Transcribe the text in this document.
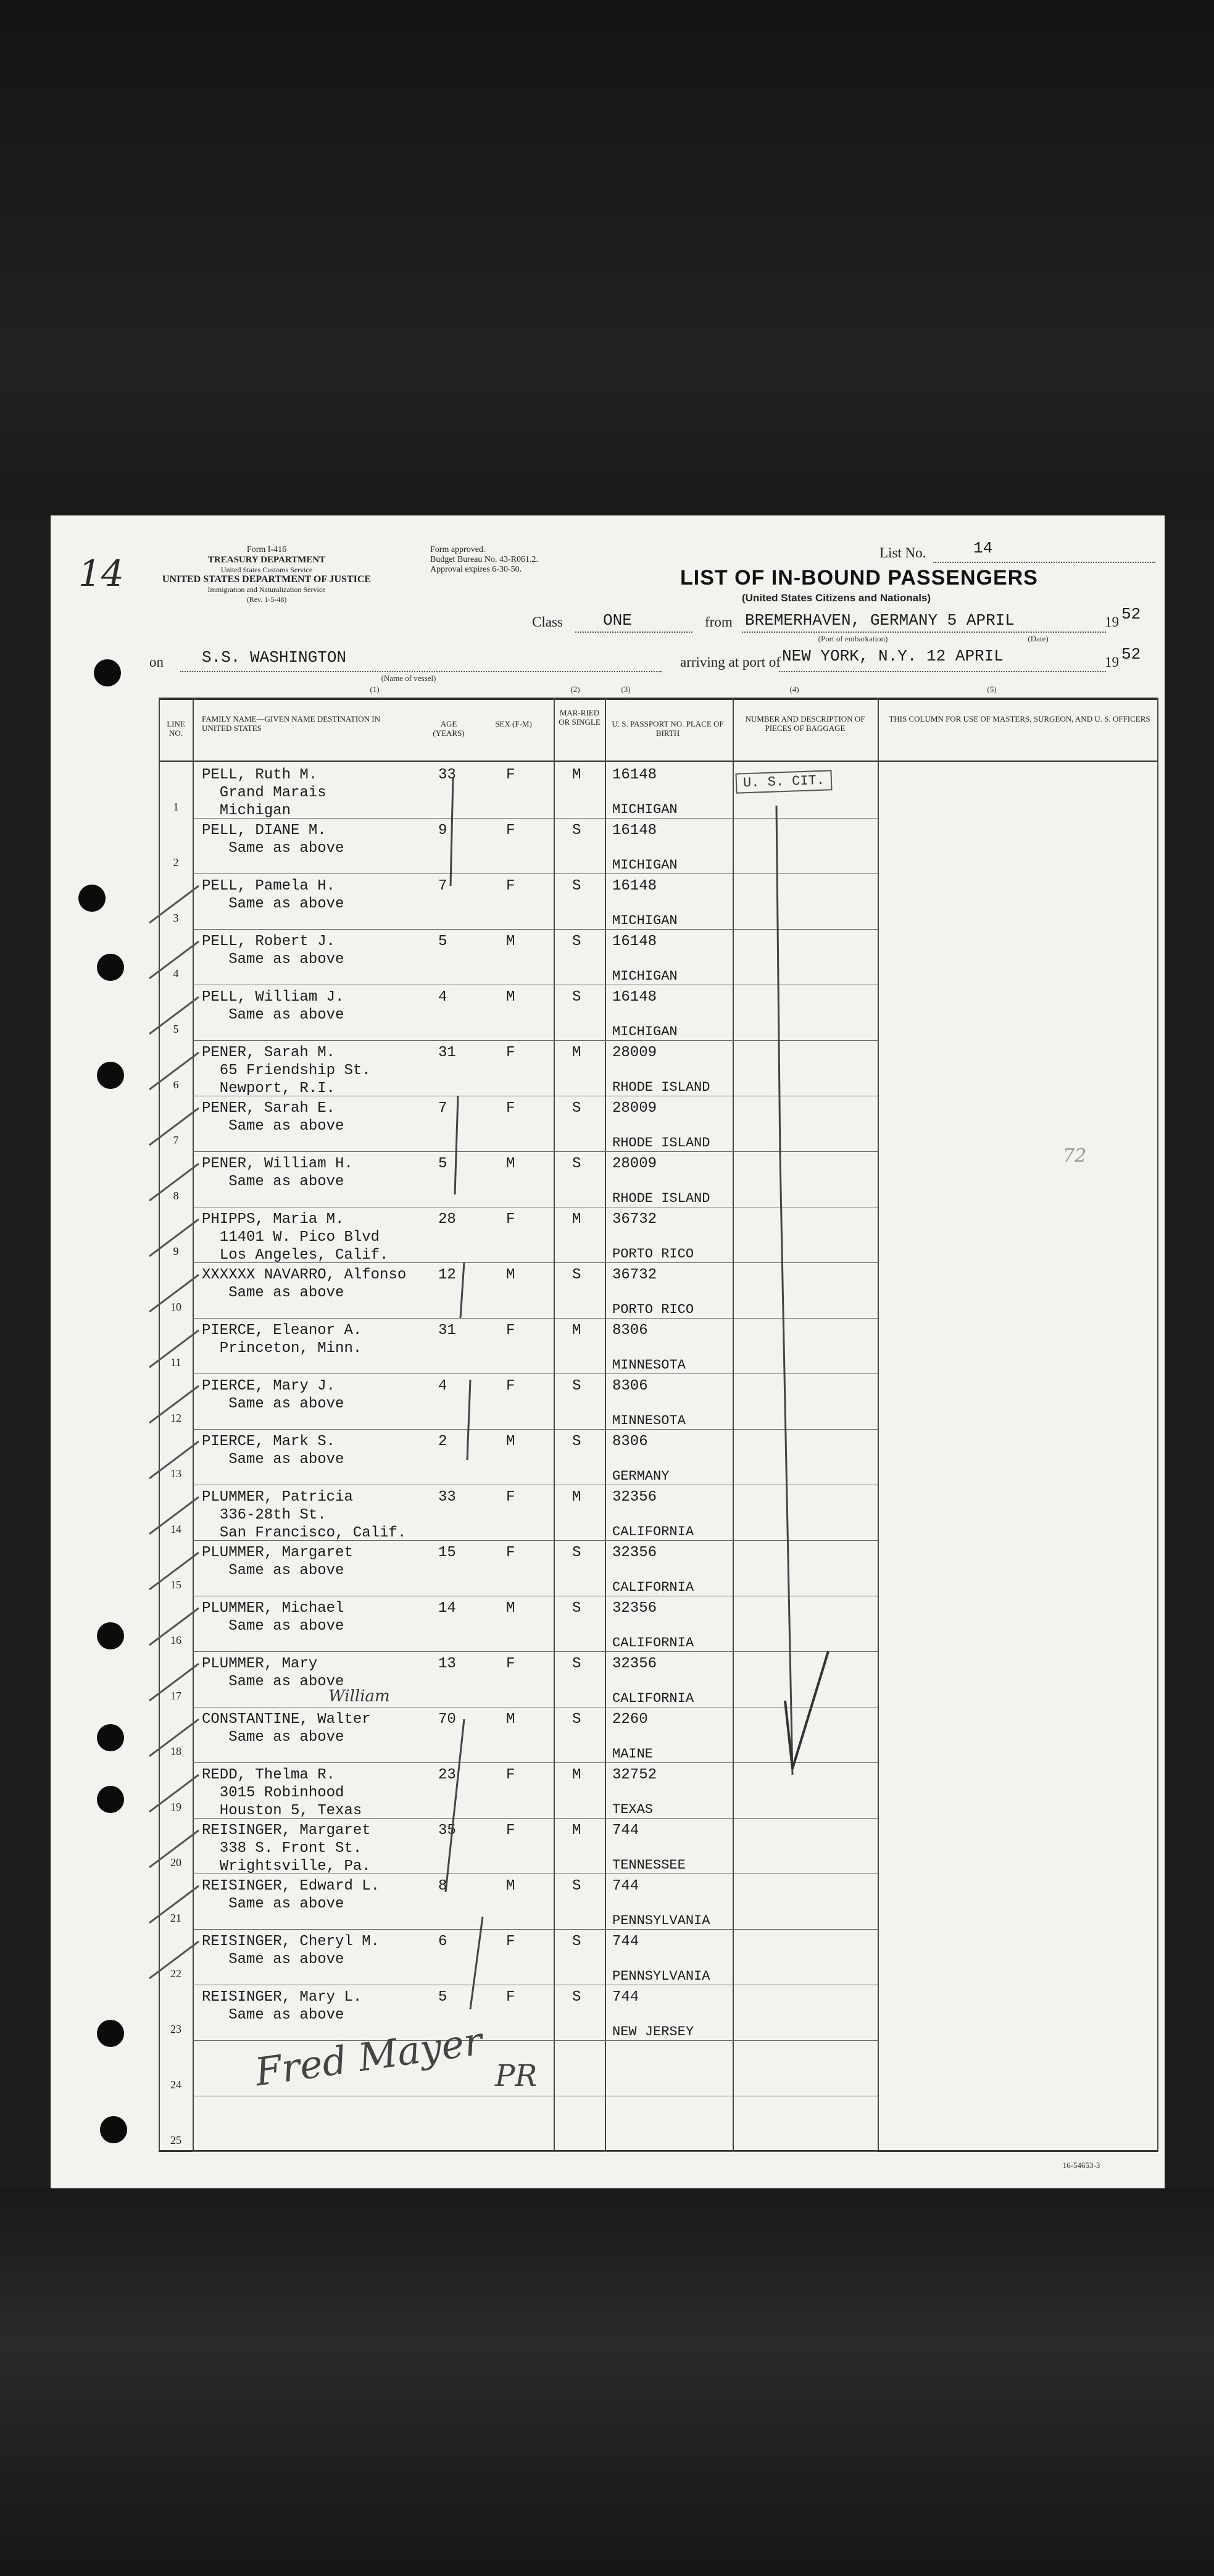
14
Form I-416
TREASURY DEPARTMENT
United States Customs Service
UNITED STATES DEPARTMENT OF JUSTICE
Immigration and Naturalization Service
(Rev. 1-5-48)
Form approved.
Budget Bureau No. 43-R061.2.
Approval expires 6-30-50.
List No.	14
LIST OF IN-BOUND PASSENGERS
(United States Citizens and Nationals)
Class	ONE	from BREMERHAVEN, GERMANY 5 APRIL	19 52
(Port of embarkation)	(Date)
on S.S. WASHINGTON
(Name of vessel)
arriving at port of NEW YORK, N.Y. 12 APRIL	19 52
(1)	(2)	(3)	(4)	(5)
LINE NO.
FAMILY NAME—GIVEN NAME DESTINATION IN UNITED STATES	AGE (YEARS)
SEX (F-M)
MAR-RIED OR SINGLE	U. S. PASSPORT NO. PLACE OF BIRTH
NUMBER AND DESCRIPTION OF PIECES OF BAGGAGE
THIS COLUMN FOR USE OF MASTERS, SURGEON, AND U. S. OFFICERS
1
PELL, Ruth M.
Grand Marais
Michigan
33	F	M 16148
MICHIGAN
2
PELL, DIANE M.
Same as above
9	F	S 16148
MICHIGAN
3
PELL, Pamela H.
Same as above
7	F	S 16148
MICHIGAN
4
PELL, Robert J.
Same as above
5	M	S 16148
MICHIGAN
5
PELL, William J.
Same as above
4	M	S 16148
MICHIGAN
6
PENER, Sarah M.
65 Friendship St.
Newport, R.I.
31	F	M 28009
RHODE ISLAND
7
PENER, Sarah E.
Same as above
7	F	S 28009
RHODE ISLAND
8
PENER, William H.
Same as above
5	M	S 28009
RHODE ISLAND
9
PHIPPS, Maria M.
11401 W. Pico Blvd
Los Angeles, Calif.
28	F	M 36732
PORTO RICO
10
XXXXXX NAVARRO, Alfonso
Same as above
12	M	S 36732
PORTO RICO
11
PIERCE, Eleanor A.
Princeton, Minn.
31	F	M 8306
MINNESOTA
12
PIERCE, Mary J.
Same as above
4	F	S 8306
MINNESOTA
13
PIERCE, Mark S.
Same as above
2	M	S 8306
GERMANY
14
PLUMMER, Patricia
336-28th St.
San Francisco, Calif.
33	F	M 32356
CALIFORNIA
15
PLUMMER, Margaret
Same as above
15	F	S 32356
CALIFORNIA
16
PLUMMER, Michael
Same as above
14	M	S 32356
CALIFORNIA
17
PLUMMER, Mary
Same as above
13	F	S 32356
CALIFORNIA
18
CONSTANTINE, Walter
Same as above
70	M	S 2260
MAINE
19
REDD, Thelma R.
3015 Robinhood
Houston 5, Texas
23	F	M 32752
TEXAS
20
REISINGER, Margaret
338 S. Front St.
Wrightsville, Pa.
35	F	M 744
TENNESSEE
21
REISINGER, Edward L.
Same as above
8	M	S 744
PENNSYLVANIA
22
REISINGER, Cheryl M.
Same as above
6	F	S 744
PENNSYLVANIA
23
REISINGER, Mary L.
Same as above
5	F	S 744
NEW JERSEY
24
25
U. S. CIT.
72
William
Fred Mayer PR
16-54653-3
